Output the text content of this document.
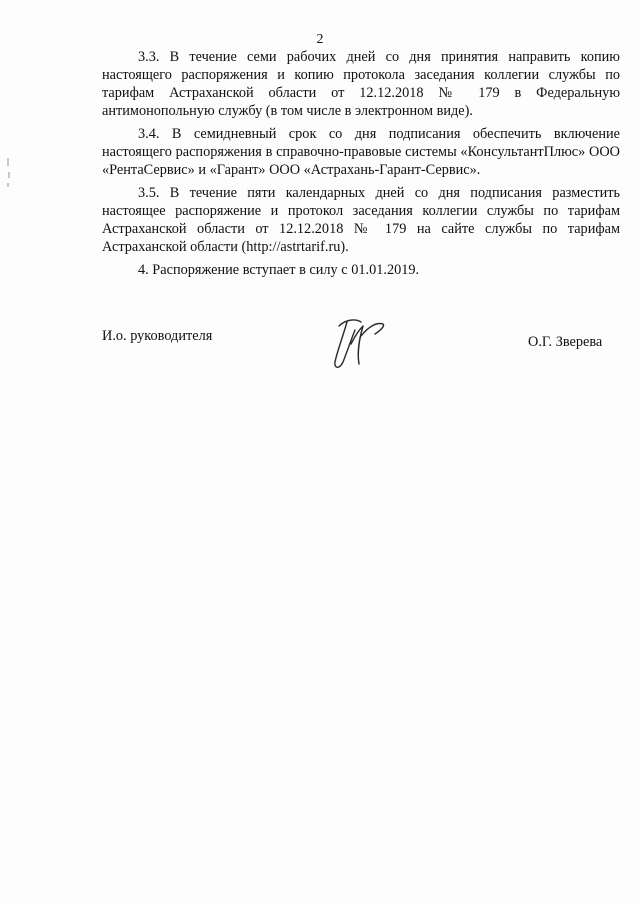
2

3.3. В течение семи рабочих дней со дня принятия направить копию настоящего распоряжения и копию протокола заседания коллегии службы по тарифам Астраханской области от 12.12.2018 № 179 в Федеральную антимонопольную службу (в том числе в электронном виде).

3.4. В семидневный срок со дня подписания обеспечить включение настоящего распоряжения в справочно-правовые системы «КонсультантПлюс» ООО «РентаСервис» и «Гарант» ООО «Астрахань-Гарант-Сервис».

3.5. В течение пяти календарных дней со дня подписания разместить настоящее распоряжение и протокол заседания коллегии службы по тарифам Астраханской области от 12.12.2018 № 179 на сайте службы по тарифам Астраханской области (http://astrtarif.ru).

4. Распоряжение вступает в силу с 01.01.2019.

И.о. руководителя	О.Г. Зверева
